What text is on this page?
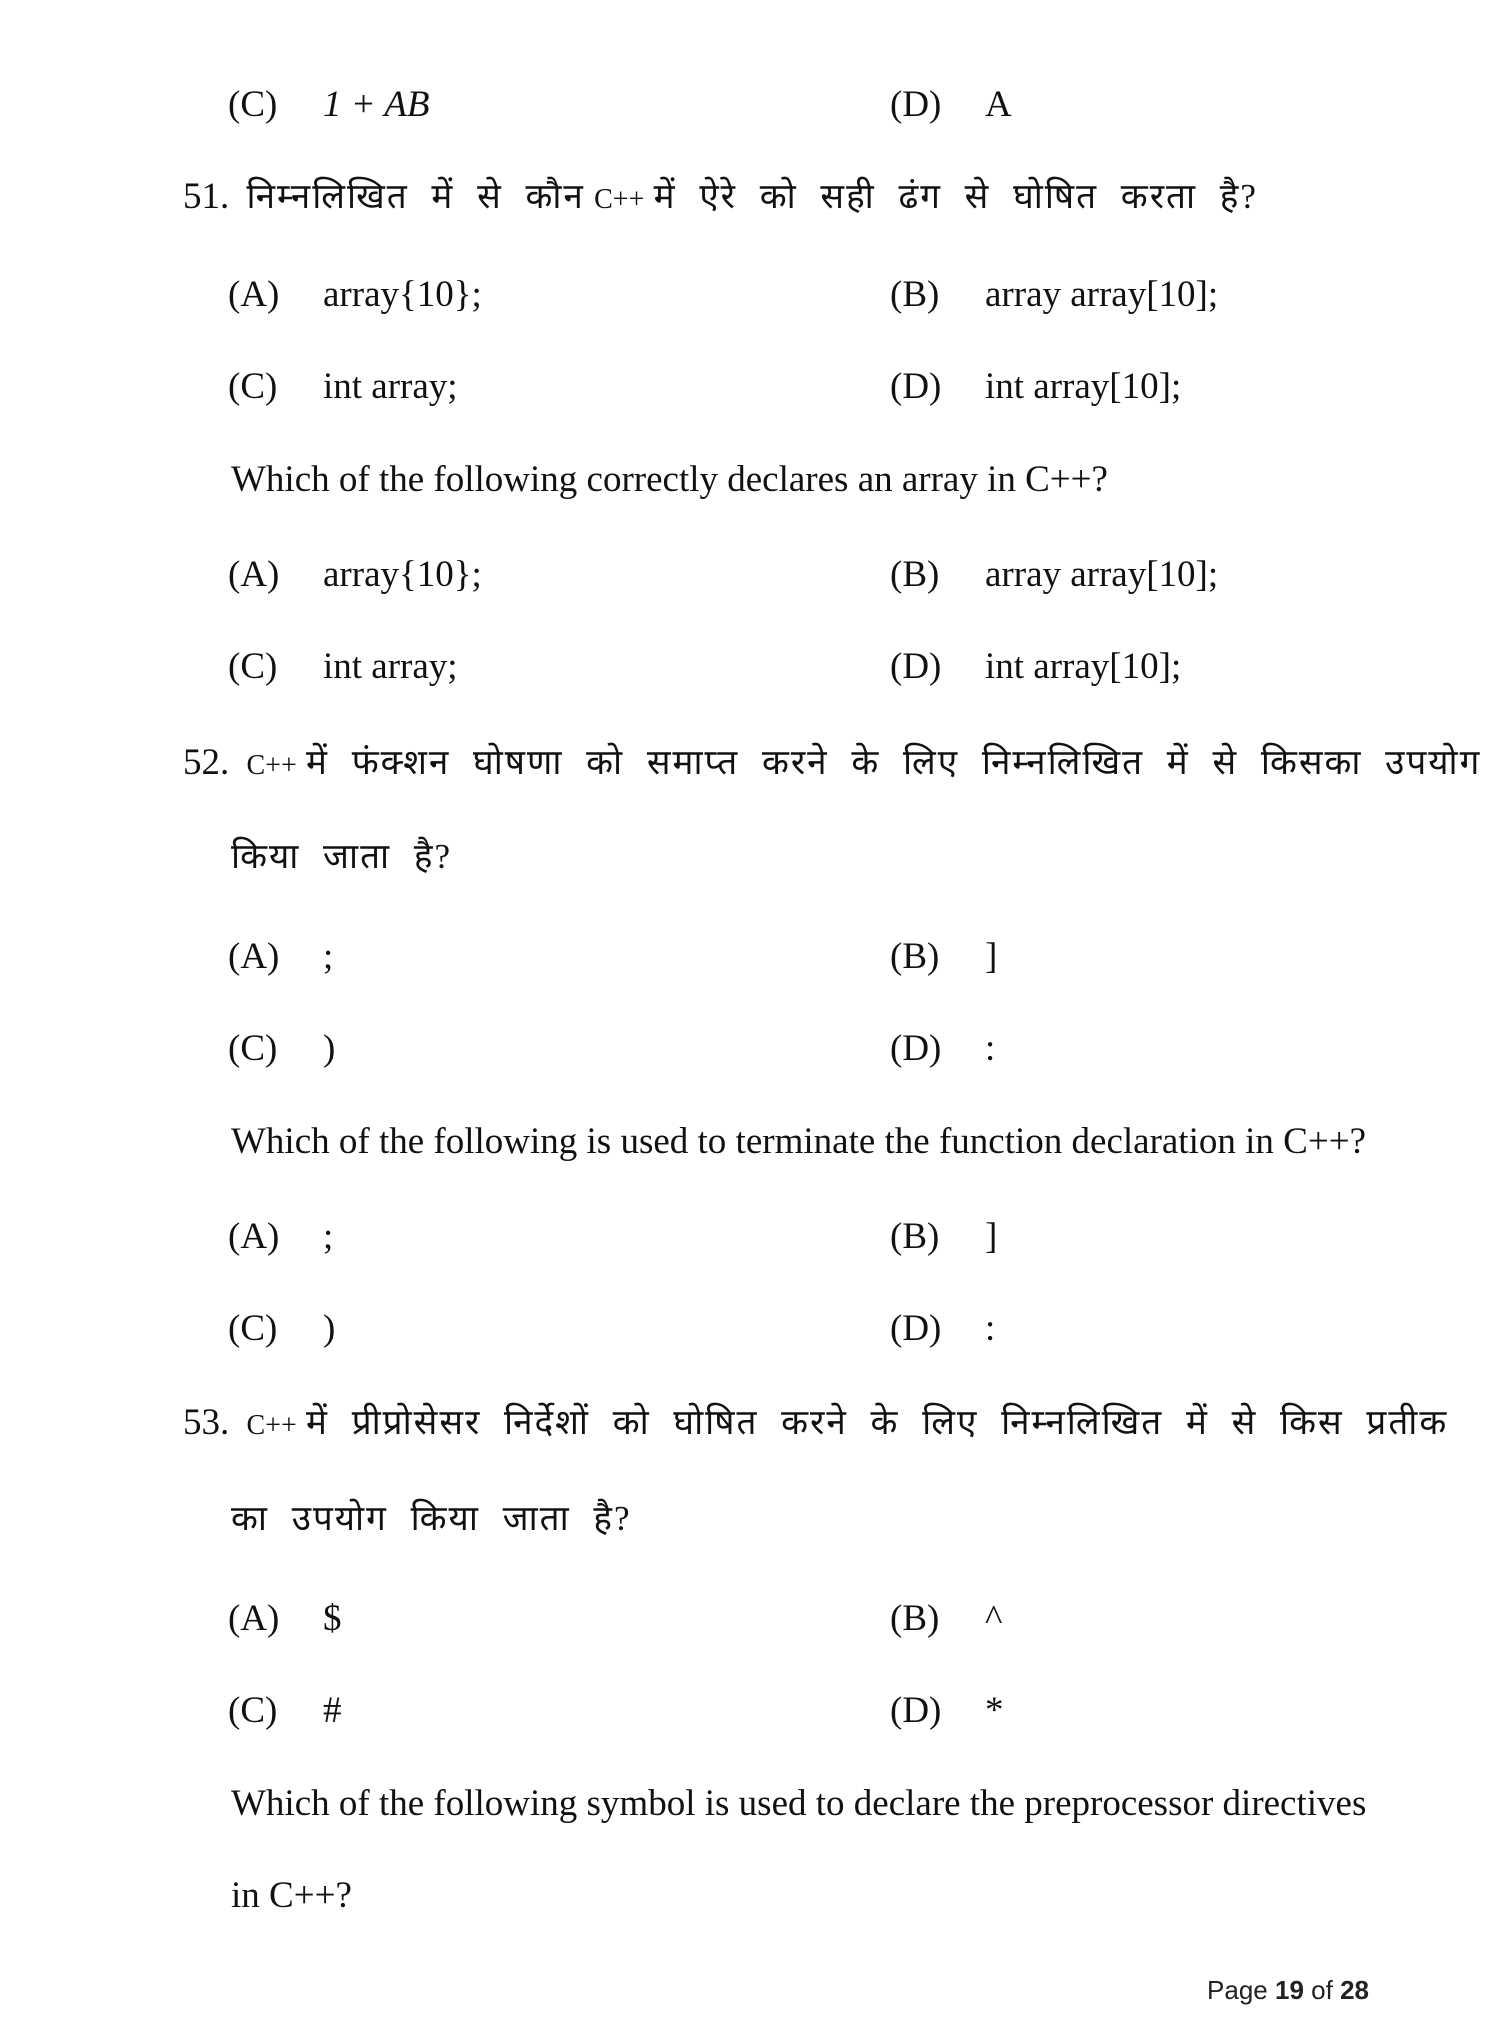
(C)	1 + AB	(D)	A
51. निम्नलिखित में से कौन C++ में ऐरे को सही ढंग से घोषित करता है?
(A)	array{10};	(B)	array array[10];
(C)	int array;	(D)	int array[10];
Which of the following correctly declares an array in C++?
(A)	array{10};	(B)	array array[10];
(C)	int array;	(D)	int array[10];
52. C++ में फंक्शन घोषणा को समाप्त करने के लिए निम्नलिखित में से किसका उपयोग
किया जाता है?
(A)	;	(B)	]
(C)	)	(D)	:
Which of the following is used to terminate the function declaration in C++?
(A)	;	(B)	]
(C)	)	(D)	:
53. C++ में प्रीप्रोसेसर निर्देशों को घोषित करने के लिए निम्नलिखित में से किस प्रतीक
का उपयोग किया जाता है?
(A)	$	(B)	^
(C)	#	(D)	*
Which of the following symbol is used to declare the preprocessor directives
in C++?
Page 19 of 28
